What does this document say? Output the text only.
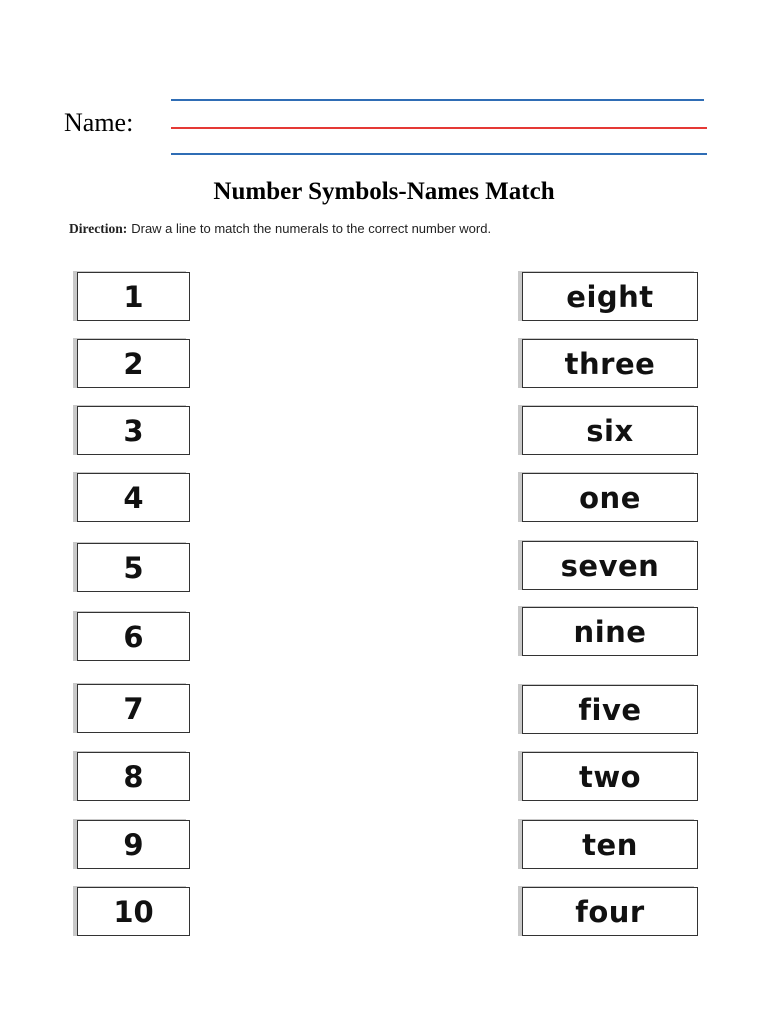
Name:
Number Symbols-Names Match
Direction: Draw a line to match the numerals to the correct number word.
1
2
3
4
5
6
7
8
9
10
eight
three
six
one
seven
nine
five
two
ten
four
